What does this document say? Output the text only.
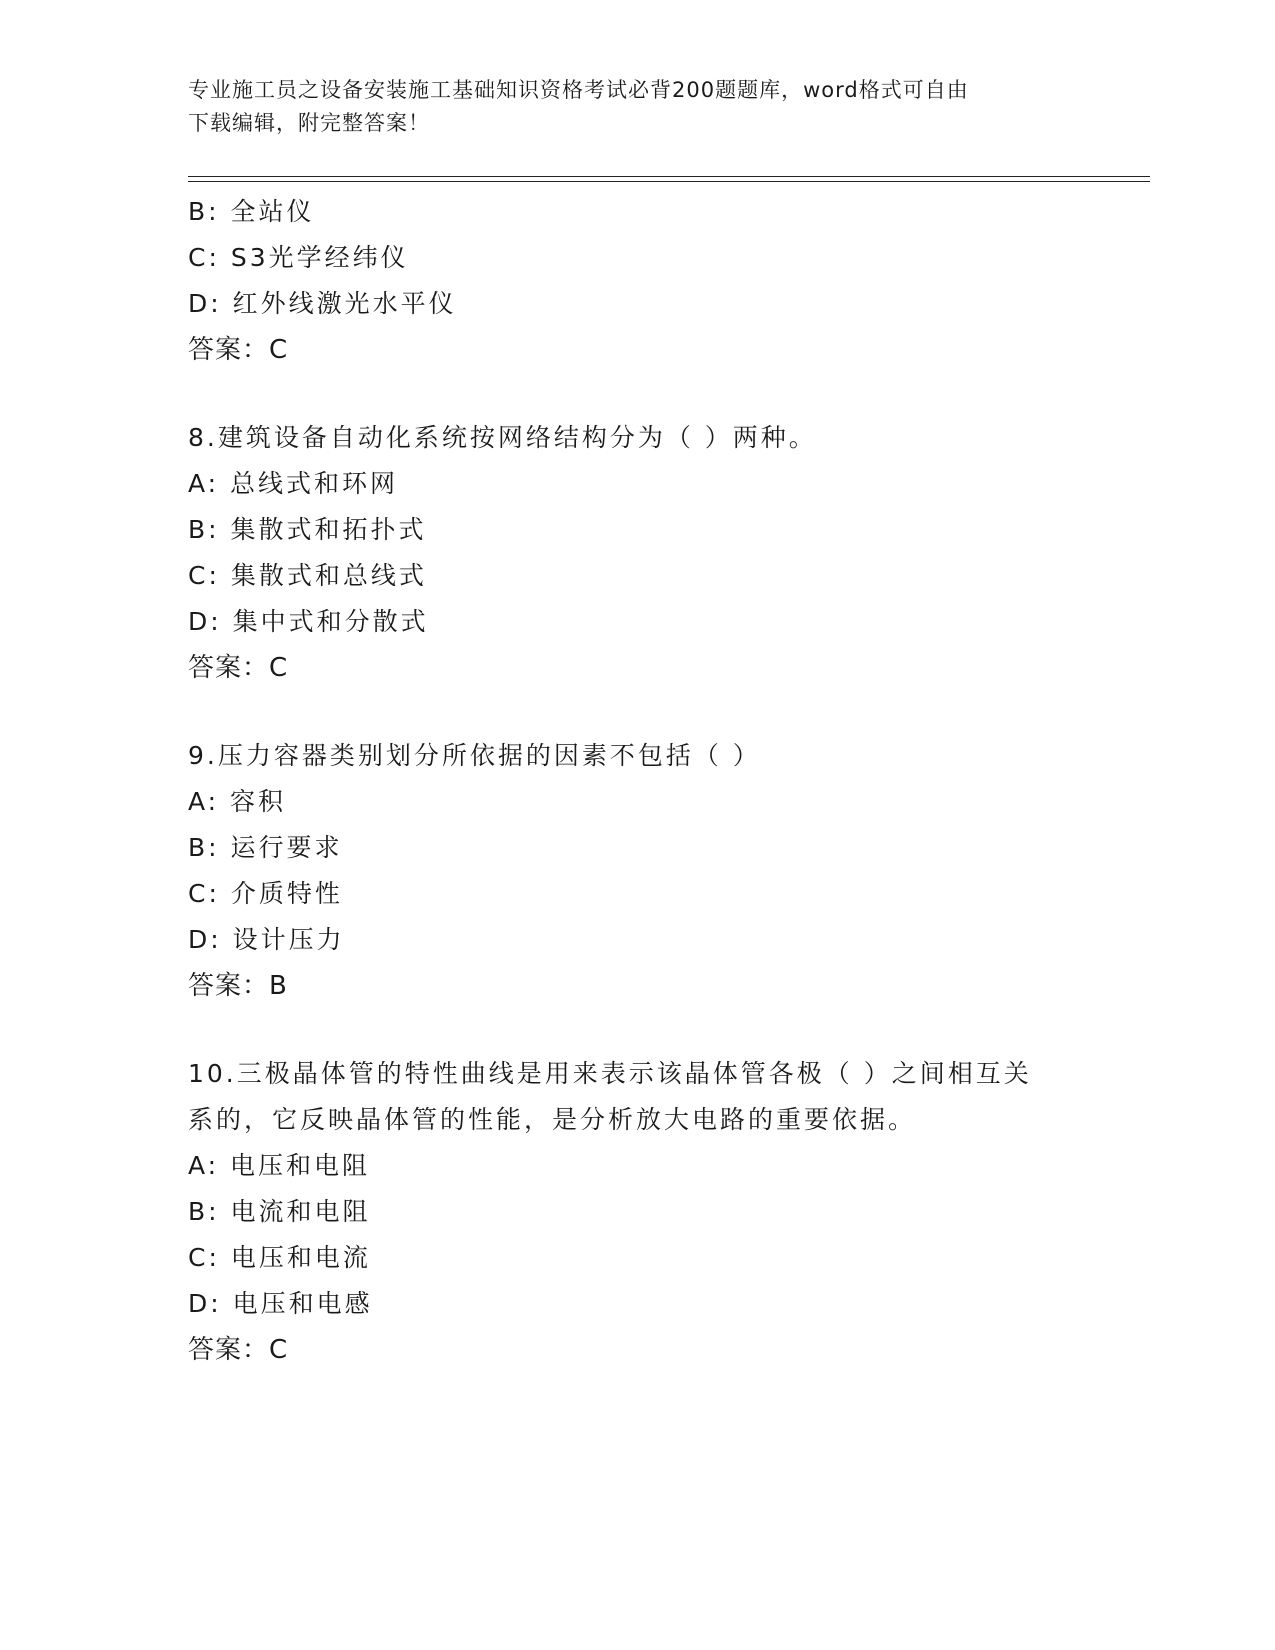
专业施工员之设备安装施工基础知识资格考试必背200题题库，word格式可自由
下载编辑，附完整答案！
B: 全站仪
C: S3光学经纬仪
D: 红外线激光水平仪
答案：C
8.建筑设备自动化系统按网络结构分为（ ）两种。
A: 总线式和环网
B: 集散式和拓扑式
C: 集散式和总线式
D: 集中式和分散式
答案：C
9.压力容器类别划分所依据的因素不包括（ ）
A: 容积
B: 运行要求
C: 介质特性
D: 设计压力
答案：B
10.三极晶体管的特性曲线是用来表示该晶体管各极（ ）之间相互关
系的，它反映晶体管的性能，是分析放大电路的重要依据。
A: 电压和电阻
B: 电流和电阻
C: 电压和电流
D: 电压和电感
答案：C
